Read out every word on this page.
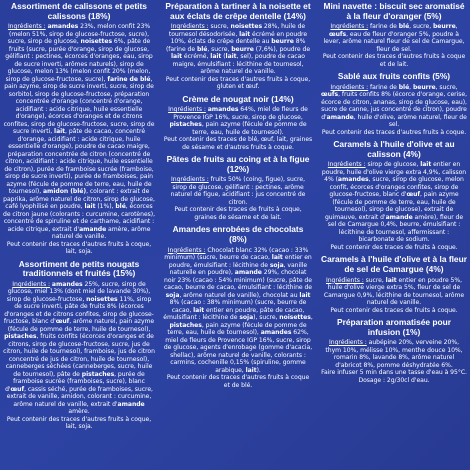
Assortiment de calissons et petits calissons (18%)

Ingrédients : amandes 23%, melon confit 23% (melon 51%, sirop de glucose-fructose, sucre), sucre, sirop de glucose, noisettes 6%, pâte de fruits (sucre, purée d'orange, sirop de glucose, gélifiant : pectines, écorces d'oranges, eau, sirop de sucre inverti, arômes naturels), sirop de glucose, melon 13% (melon confit 20% (melon, sirop de glucose-fructose, sucre), farine de blé, pain azyme, sirop de sucre inverti, sucre, sirop de sorbitol, sirop de glucose-fructose, préparation concentrée d'orange (concentré d'orange, acidifiant : acide citrique, huile essentielle d'orange), écorces d'oranges et de citrons confites, sirop de glucose-fructose, sucre, sirop de sucre inverti, lait, pâte de cacao, concentré d'orange, acidifiant : acide citrique, huile essentielle d'orange), poudre de cacao maigre, préparation concentrée de citron (concentré de citron, acidifiant : acide citrique, huile essentielle de citron), purée de framboise sucrée (framboise, sirop de sucre inverti), purée de framboises, pain azyme (fécule de pomme de terre, eau, huile de tournesol), amidon (blé), colorant : extrait de paprika, arôme naturel de citron, sirop de glucose, café lyophilisé en poudre, lait (1%), blé, écorces de citron jaune (colorants : curcumine, carotènes), concentré de spiruline et de carthame, acidifiant : acide citrique, extrait d'amande amère, arôme naturel de vanille.
Peut contenir des traces d'autres fruits à coque, lait, soja.

Assortiment de petits nougats traditionnels et fruités (15%)

Ingrédients : amandes 25%, sucre, sirop de glucose, miel 13% (dont miel de lavande 30%), sirop de glucose-fructose, noisettes 11%, sirop de sucre inverti, pâte de fruits 8% (écorces d'oranges et de citrons confites, sirop de glucose-fructose, blanc d'œuf, arôme naturel, pain azyme (fécule de pomme de terre, huile de tournesol), pistaches, fruits confits (écorces d'oranges et de citrons, sirop de glucose-fructose, sucre, jus de citron, huile de tournesol), framboise, jus de citron concentré de jus de citron, huile de tournesol), canneberges séchées (canneberges, sucre, huile de tournesol), pâte de pistaches, purée de framboise sucrée (framboises, sucre), blanc d'œuf, cassis séché, purée de framboises, sucre, extrait de vanille, amidon, colorant : curcumine, arôme naturel de vanille, extrait d'amande amère.
Peut contenir des traces d'autres fruits à coque, lait, soja.

Préparation à tartiner à la noisette et aux éclats de crêpe dentelle (14%)

Ingrédients : sucre, noisettes 28%, huile de tournesol désodorisée, lait écrémé en poudre 10%, éclats de crêpe dentelle au beurre 8% (farine de blé, sucre, beurre (7,6%), poudre de lait écrémé, lait (lait, sel), poudre de cacao maigre, émulsifiant : lécithine de tournesol, arôme naturel de vanille.
Peut contenir des traces d'autres fruits à coque, gluten et œuf.

Crème de nougat noir (14%)

Ingrédients : amandes 64%, miel de fleurs de Provence IGP 16%, sucre, sirop de glucose, pistaches, pain azyme (fécule de pomme de terre, eau, huile de tournesol).
Peut contenir des traces de blé, œuf, lait, graines de sésame et d'autres fruits à coque.

Pâtes de fruits au coing et à la figue (12%)

Ingrédients : fruits 50% (coing, figue), sucre, sirop de glucose, gélifiant : pectines, arôme naturel de figue, acidifiant : jus concentré de citron.
Peut contenir des traces de fruits à coque, graines de sésame et de lait.

Amandes enrobées de chocolats (8%)

Ingrédients : Chocolat blanc 32% (cacao : 33% minimum) (sucre, beurre de cacao, lait entier en poudre, émulsifiant : lécithine de soja, vanille naturelle en poudre), amande 29%, chocolat noir 23% (cacao : 54% minimum) (sucre, pâte de cacao, beurre de cacao, émulsifiant : lécithine de soja, arôme naturel de vanille), chocolat au lait 8% (cacao : 38% minimum) (sucre, beurre de cacao, lait entier en poudre, pâte de cacao, émulsifiant : lécithine de soja), sucre, noisettes, pistaches, pain azyme (fécule de pomme de terre, eau, huile de tournesol), amandes 62%, miel de fleurs de Provence IGP 16%, sucre, sirop de glucose, agents d'enrobage (gomme d'acacia, shellac), arôme naturel de vanille, colorants : carmins, cochenille 0,15% (spiruline, gomme arabique, lait).
Peut contenir des traces d'autres fruits à coque et de blé.

Mini navette : biscuit sec aromatisé à la fleur d'oranger (5%)

Ingrédients : farine de blé, sucre, beurre, œufs, eau de fleur d'oranger 5%, poudre à lever, arôme naturel fleur de sel de Camargue, fleur de sel.
Peut contenir des traces d'autres fruits à coque et de lait.

Sablé aux fruits confits (5%)

Ingrédients : farine de blé, beurre, sucre, œufs, fruits confits 8% (écorce d'orange, cerise, écorce de citron, ananas, sirop de glucose, eau), sucre de canne, jus concentré de citron), poudre d'amande, huile d'olive, arôme naturel, fleur de sel.
Peut contenir des traces d'autres fruits à coque.

Caramels à l'huile d'olive et au calisson (4%)

Ingrédients : sirop de glucose, lait entier en poudre, huile d'olive vierge extra 4,9%, calisson 4% (amandes, sucre, sirop de glucose, melon confit, écorces d'oranges confites, sirop de glucose-fructose, blanc d'œuf, pain azyme (fécule de pomme de terre, eau, huile de tournesol), sirop de glucose), extrait de guimauve, extrait d'amande amère), fleur de sel de Camargue 0,4%, beurre, émulsifiant : lécithine de tournesol, affermissant : bicarbonate de sodium.
Peut contenir des traces de fruits à coque.

Caramels à l'huile d'olive et à la fleur de sel de Camargue (4%)

Ingrédients : sucre, lait entier en poudre 5%, huile d'olive vierge extra 5%, fleur de sel de Camargue 0,9%, lécithine de tournesol, arôme naturel de vanille.
Peut contenir des traces de fruits à coque.

Préparation aromatisée pour infusion (1%)

Ingrédients : aubépine 20%, verveine 20%, thym 10%, mélisse 10%, menthe douce 10%, romarin 8%, lavande 8%, arôme naturel d'abricot 8%, pomme déshydratée 6%.
Faire infuser 5 min dans une tasse d'eau à 95°C. Dosage : 2g/30cl d'eau.
